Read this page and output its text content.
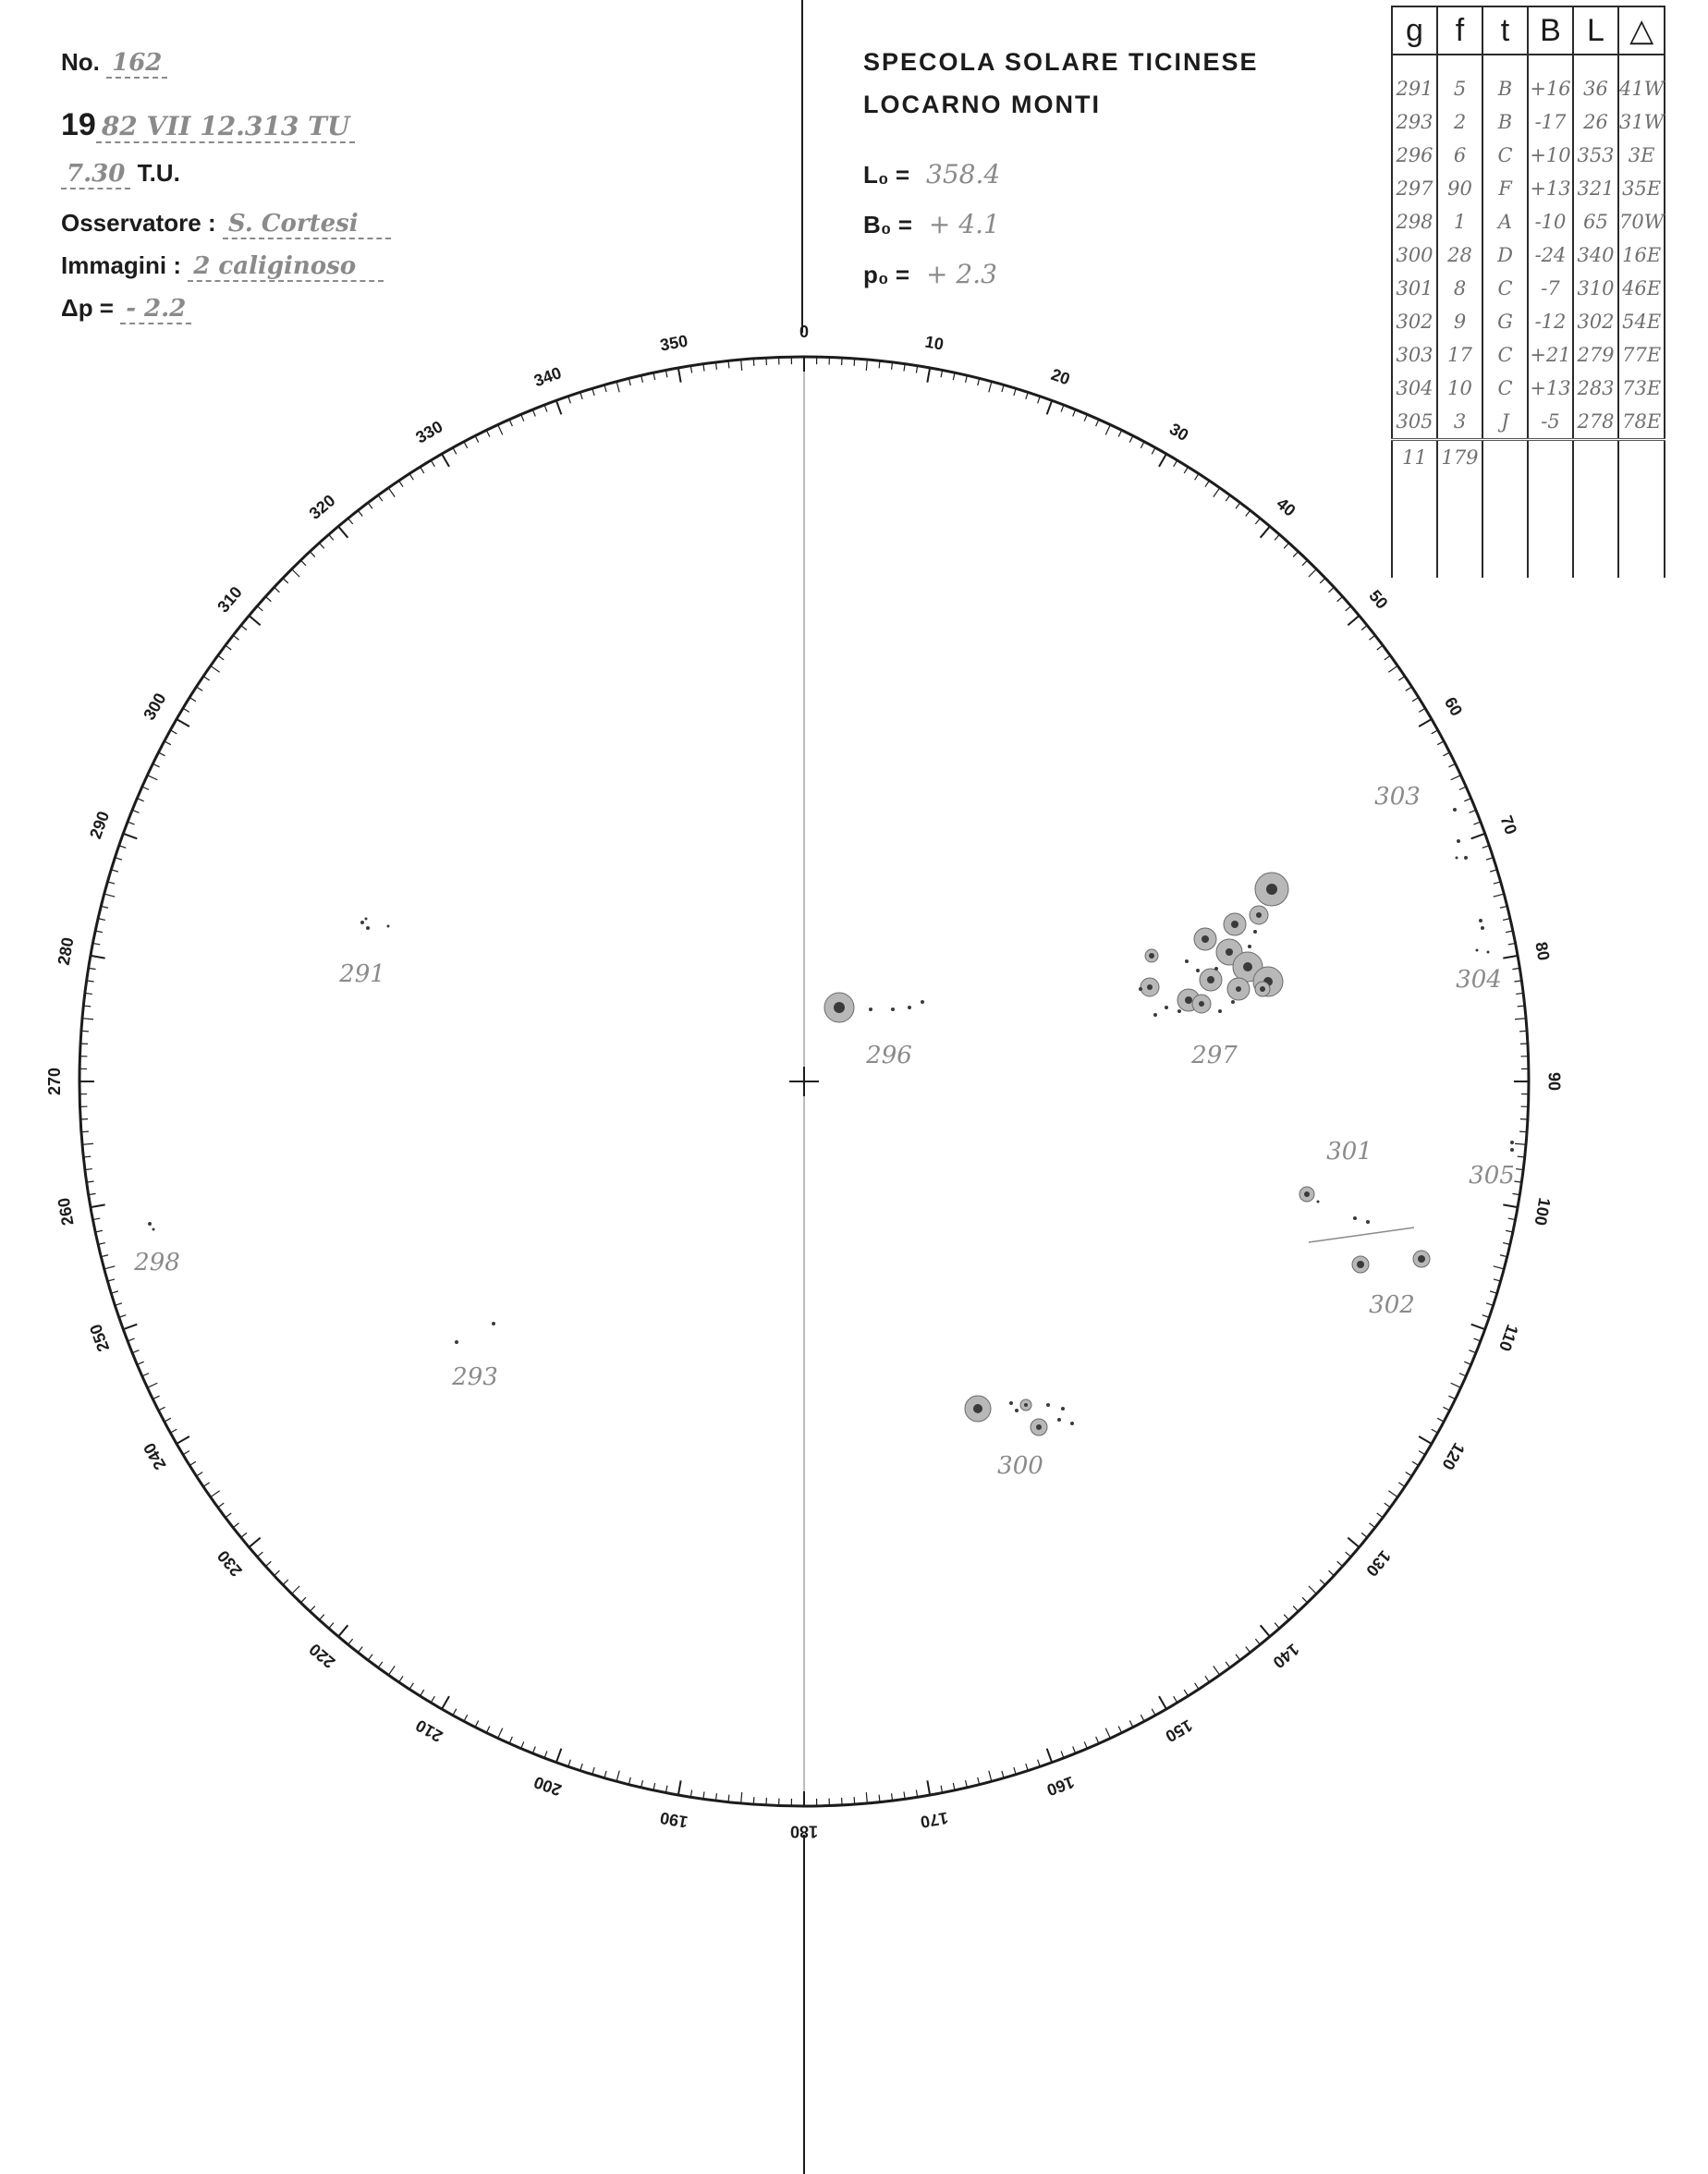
No. 162
19 82 VII 12.313 TU
7.30 T.U.
Osservatore : S. Cortesi
Immagini : 2 caliginoso
Δp = - 2.2
SPECOLA SOLARE TICINESE
LOCARNO MONTI
L₀ = 358.4
B₀ = + 4.1
p₀ = + 2.3
g	f	t	B	L	△
291	5	B	+16	36	41W
293	2	B	-17	26	31W
296	6	C	+10	353	3E
297	90	F	+13	321	35E
298	1	A	-10	65	70W
300	28	D	-24	340	16E
301	8	C	-7	310	46E
302	9	G	-12	302	54E
303	17	C	+21	279	77E
304	10	C	+13	283	73E
305	3	J	-5	278	78E
11	179				

0
10
20
30
40
50
60
70
80
90
100
110
120
130
140
150
160
170
180
190
200
210
220
230
240
250
260
270
280
290
300
310
320
330
340
350
291
293
296	297
298
300
301
302
303
304
305
